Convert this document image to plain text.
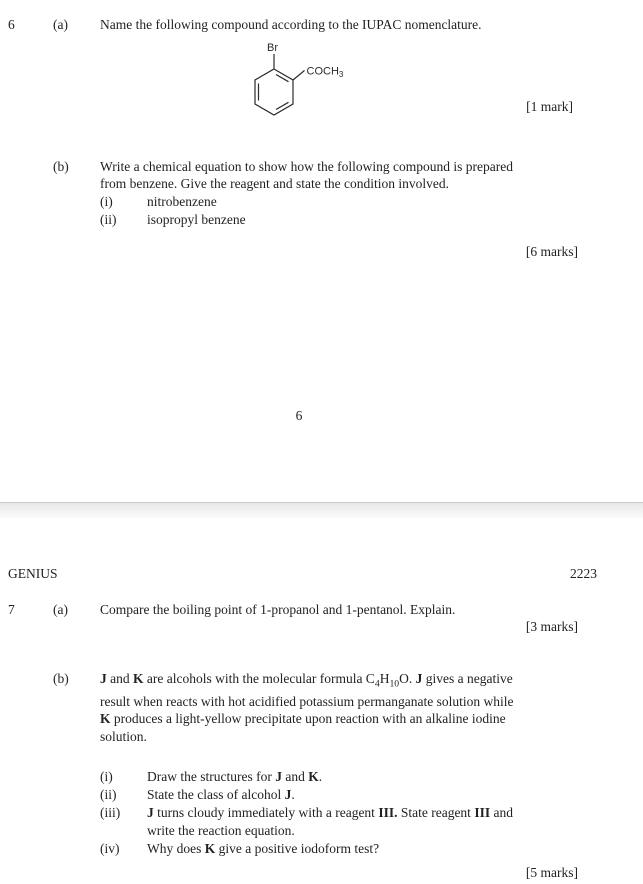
6	(a)	Name the following compound according to the IUPAC nomenclature.
Br
$COCH_3$
[1 mark]
(b)	Write a chemical equation to show how the following compound is prepared
from benzene. Give the reagent and state the condition involved.
(i)	nitrobenzene
(ii)	isopropyl benzene
[6 marks]
6
GENIUS	2223
7	(a)	Compare the boiling point of 1-propanol and 1-pentanol. Explain.
[3 marks]
(b)	J and K are alcohols with the molecular formula $C_4H_{10}O$. J gives a negative
result when reacts with hot acidified potassium permanganate solution while
K produces a light-yellow precipitate upon reaction with an alkaline iodine
solution.
(i)	Draw the structures for J and K.
(ii)	State the class of alcohol J.
(iii)	J turns cloudy immediately with a reagent III. State reagent III and
write the reaction equation.
(iv)	Why does K give a positive iodoform test?
[5 marks]
